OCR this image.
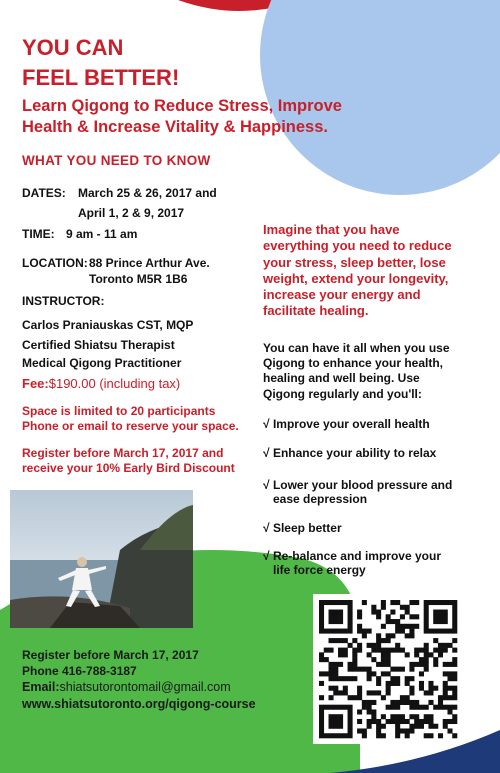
YOU CAN
FEEL BETTER!
Learn Qigong to Reduce Stress, Improve
Health & Increase Vitality & Happiness.
WHAT YOU NEED TO KNOW
DATES: March 25 & 26, 2017 and
April 1, 2 & 9, 2017
TIME: 9 am - 11 am
LOCATION: 88 Prince Arthur Ave.
Toronto M5R 1B6
INSTRUCTOR:
Carlos Praniauskas CST, MQP
Certified Shiatsu Therapist
Medical Qigong Practitioner
Fee:$190.00 (including tax)
Space is limited to 20 participants
Phone or email to reserve your space.
Register before March 17, 2017 and
receive your 10% Early Bird Discount
Imagine that you have
everything you need to reduce
your stress, sleep better, lose
weight, extend your longevity,
increase your energy and
facilitate healing.
You can have it all when you use
Qigong to enhance your health,
healing and well being. Use
Qigong regularly and you'll:
√ Improve your overall health
√ Enhance your ability to relax
√ Lower your blood pressure and
ease depression
√ Sleep better
√ Re-balance and improve your
life force energy
Register before March 17, 2017
Phone 416-788-3187
Email:shiatsutorontomail@gmail.com
www.shiatsutoronto.org/qigong-course
